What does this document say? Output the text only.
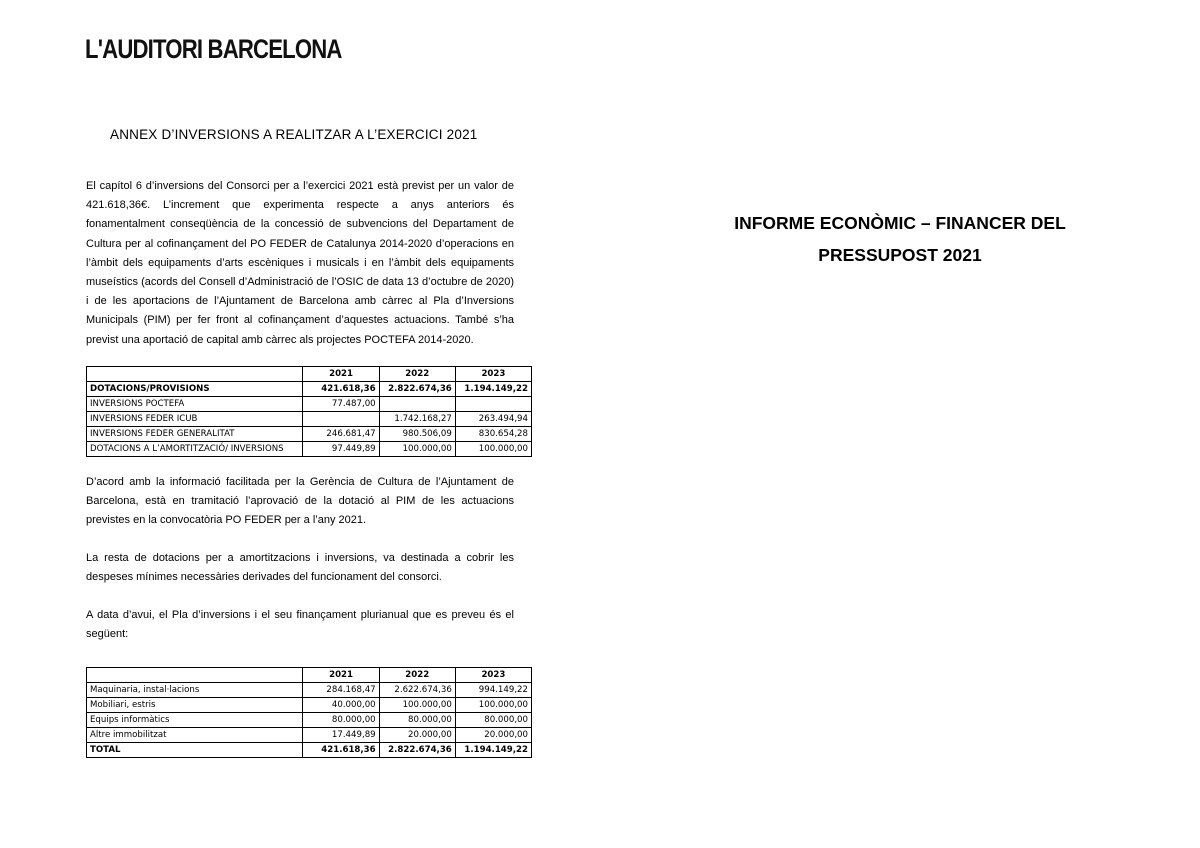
L'AUDITORI BARCELONA
ANNEX D’INVERSIONS A REALITZAR A L’EXERCICI 2021

El capítol 6 d’inversions del Consorci per a l’exercici 2021 està previst per un valor de 421.618,36€. L’increment que experimenta respecte a anys anteriors és fonamentalment conseqüència de la concessió de subvencions del Departament de Cultura per al cofinançament del PO FEDER de Catalunya 2014-2020 d’operacions en l’àmbit dels equipaments d’arts escèniques i musicals i en l’àmbit dels equipaments museístics (acords del Consell d’Administració de l’OSIC de data 13 d’octubre de 2020) i de les aportacions de l’Ajuntament de Barcelona amb càrrec al Pla d’Inversions Municipals (PIM) per fer front al cofinançament d’aquestes actuacions. També s’ha previst una aportació de capital amb càrrec als projectes POCTEFA 2014-2020.

	2021	2022	2023
DOTACIONS/PROVISIONS	421.618,36	2.822.674,36	1.194.149,22
INVERSIONS POCTEFA	77.487,00		
INVERSIONS FEDER ICUB		1.742.168,27	263.494,94
INVERSIONS FEDER GENERALITAT	246.681,47	980.506,09	830.654,28
DOTACIONS A L’AMORTITZACIÓ/ INVERSIONS	97.449,89	100.000,00	100.000,00

D’acord amb la informació facilitada per la Gerència de Cultura de l’Ajuntament de Barcelona, està en tramitació l’aprovació de la dotació al PIM de les actuacions previstes en la convocatòria PO FEDER per a l’any 2021.

La resta de dotacions per a amortitzacions i inversions, va destinada a cobrir les despeses mínimes necessàries derivades del funcionament del consorci.

A data d’avui, el Pla d’inversions i el seu finançament plurianual que es preveu és el següent:

	2021	2022	2023
Maquinaria, instal·lacions	284.168,47	2.622.674,36	994.149,22
Mobiliari, estris	40.000,00	100.000,00	100.000,00
Equips informàtics	80.000,00	80.000,00	80.000,00
Altre immobilitzat	17.449,89	20.000,00	20.000,00
TOTAL	421.618,36	2.822.674,36	1.194.149,22
INFORME ECONÒMIC – FINANCER DEL
PRESSUPOST 2021
